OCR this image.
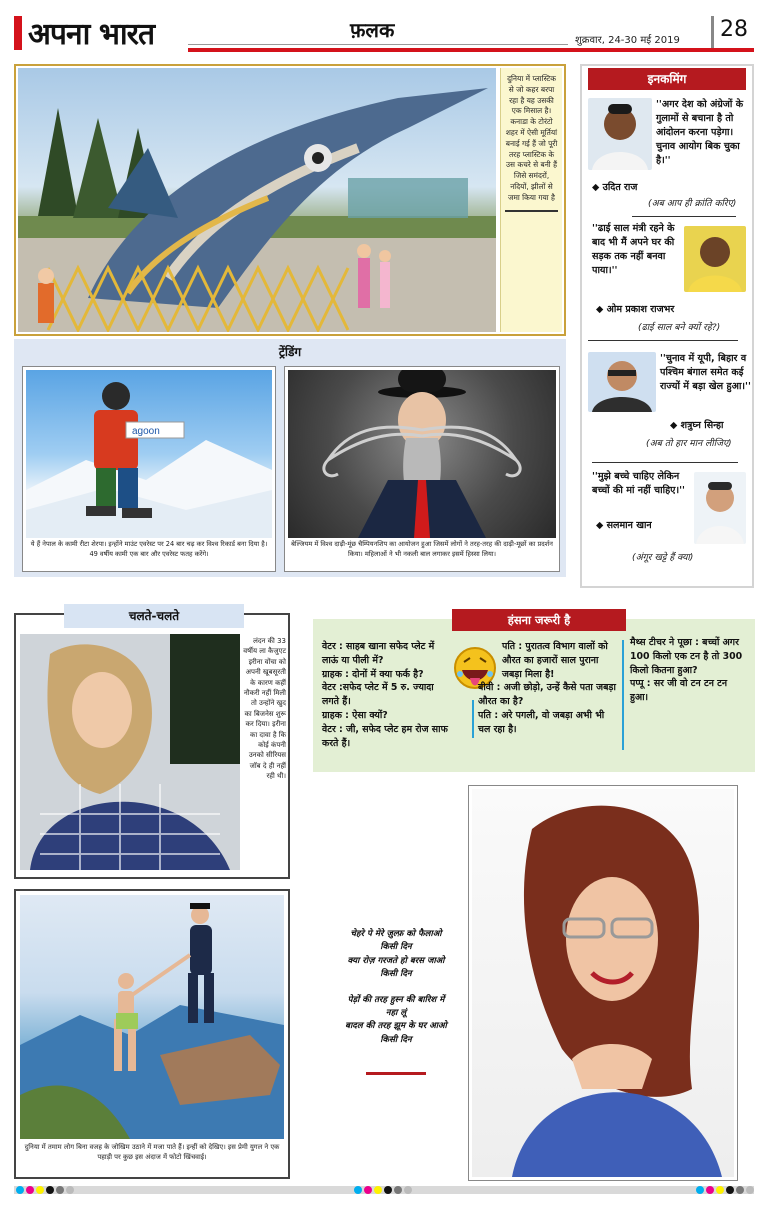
अपना भारत	फ़लक	शुक्रवार, 24-30 मई 2019 28
दुनिया में प्लास्टिक से जो कहर बरपा रहा है यह उसकी एक मिसाल है। कनाडा के टोरंटो शहर में ऐसी मूर्तियां बनाई गई हैं जो पूरी तरह प्लास्टिक के उस कचरे से बनी हैं जिसे समंदरों, नदियों, झीलों से जमा किया गया है
ट्रेंडिंग
agoon
ये हैं नेपाल के कामी रीटा शेरपा। इन्होंने माउंट एवरेस्ट पर 24 बार चढ़ कर विश्व रिकार्ड बना दिया है। 49 वर्षीय कामी एक बार और एवरेस्ट फतह करेंगे।
बेल्जियम में विश्व दाढ़ी-मूंछ चैम्पियनशिप का आयोजन हुआ जिसमें लोगों ने तरह-तरह की दाढ़ी-मूछों का प्रदर्शन किया। महिलाओं ने भी नकली बाल लगाकर इसमें हिस्सा लिया।
इनकमिंग
''अगर देश को अंग्रेजों के गुलामों से बचाना है तो आंदोलन करना पड़ेगा। चुनाव आयोग बिक चुका है।''
◆ उदित राज
(अब आप ही क्रांति करिए)
''ढाई साल मंत्री रहने के बाद भी मैं अपने घर की सड़क तक नहीं बनवा पाया।''
◆ ओम प्रकाश राजभर
(ढाई साल बने क्यों रहे?)
''चुनाव में यूपी, बिहार व पश्चिम बंगाल समेत कई राज्यों में बड़ा खेल हुआ।''
◆ शत्रुघ्न सिन्हा
(अब तो हार मान लीजिए)
''मुझे बच्चे चाहिए लेकिन बच्चों की मां नहीं चाहिए।''
◆ सलमान खान
(अंगूर खट्टे हैं क्या)
चलते-चलते
लंदन की 33 वर्षीय ला कैजुएट इरीना वोंचा को अपनी खूबसूरती के कारण कहीं नौकरी नहीं मिली तो उन्होंने खुद का बिजनेस शुरू कर दिया। इरीना का दावा है कि कोई कंपनी उनको सीरियस जॉब दे ही नहीं रही थी।
हंसना जरूरी है
वेटर : साहब खाना सफेद प्लेट में लाऊं या पीली में?
ग्राहक : दोनों में क्या फर्क है?
वेटर :सफेद प्लेट में 5 रु. ज्यादा लगते हैं।
ग्राहक : ऐसा क्यों?
वेटर : जी, सफेद प्लेट हम रोज साफ करते हैं।
पति : पुरातत्व विभाग वालों को औरत का हजारों साल पुराना जबड़ा मिला है!
बीवी : अजी छोड़ो, उन्हें कैसे पता जबड़ा औरत का है?
पति : अरे पगली, वो जबड़ा अभी भी चल रहा है।
मैथ्स टीचर ने पूछा : बच्चों अगर 100 किलो एक टन है तो 300 किलो कितना हुआ?
पप्पू : सर जी वो टन टन टन हुआ।
दुनिया में तमाम लोग बिना वजह के जोखिम उठाने में मजा पाते हैं। इन्हीं को देखिए। इस प्रेमी युगल ने एक पहाड़ी पर कुछ इस अंदाज में फोटो खिंचवाई।
चेहरे पे मेरे ज़ुल्फ़ को फैलाओ
किसी दिन
क्या रोज़ गरजते हो बरस जाओ
किसी दिन
पेड़ों की तरह हुस्न की बारिश में
नहा लूं
बादल की तरह झूम के घर आओ
किसी दिन
